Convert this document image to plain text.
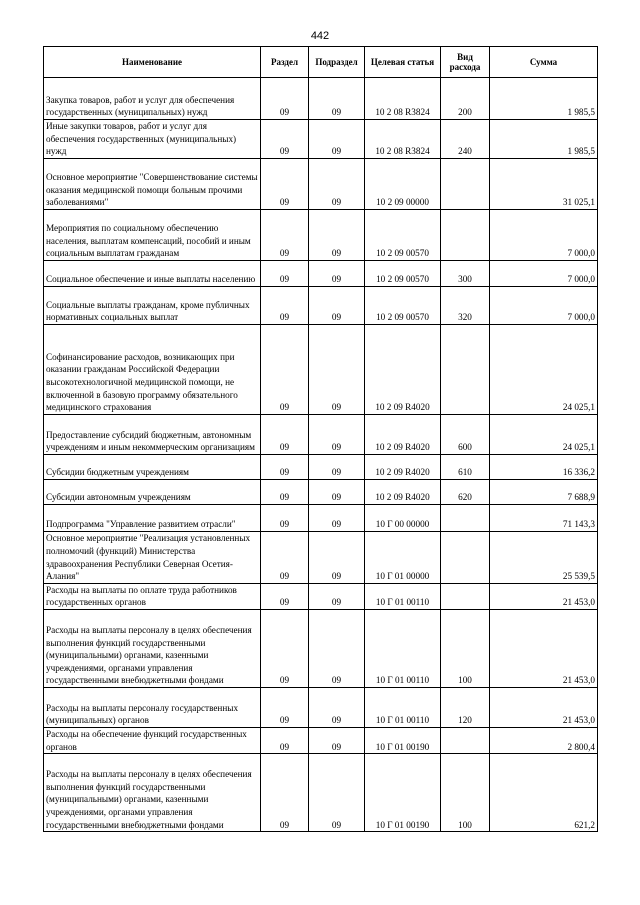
442
Наименование	Раздел	Подраздел	Целевая статья	Вид расхода	Сумма
Закупка товаров, работ и услуг для обеспечения государственных (муниципальных) нужд	09	09	10 2 08 R3824	200	1 985,5
Иные закупки товаров, работ и услуг для обеспечения государственных (муниципальных) нужд	09	09	10 2 08 R3824	240	1 985,5
Основное мероприятие "Совершенствование системы оказания медицинской помощи больным прочими заболеваниями"	09	09	10 2 09 00000		31 025,1
Мероприятия по социальному обеспечению населения, выплатам компенсаций, пособий и иным социальным выплатам гражданам	09	09	10 2 09 00570		7 000,0
Социальное обеспечение и иные выплаты населению	09	09	10 2 09 00570	300	7 000,0
Социальные выплаты гражданам, кроме публичных нормативных социальных выплат	09	09	10 2 09 00570	320	7 000,0
Софинансирование расходов, возникающих при оказании гражданам Российской Федерации высокотехнологичной медицинской помощи, не включенной в базовую программу обязательного медицинского страхования	09	09	10 2 09 R4020		24 025,1
Предоставление субсидий бюджетным, автономным учреждениям и иным некоммерческим организациям	09	09	10 2 09 R4020	600	24 025,1
Субсидии бюджетным учреждениям	09	09	10 2 09 R4020	610	16 336,2
Субсидии автономным учреждениям	09	09	10 2 09 R4020	620	7 688,9
Подпрограмма "Управление развитием отрасли"	09	09	10 Г 00 00000		71 143,3
Основное мероприятие "Реализация установленных полномочий (функций) Министерства здравоохранения Республики Северная Осетия-Алания"	09	09	10 Г 01 00000		25 539,5
Расходы на выплаты по оплате труда работников государственных органов	09	09	10 Г 01 00110		21 453,0
Расходы на выплаты персоналу в целях обеспечения выполнения функций государственными (муниципальными) органами, казенными учреждениями, органами управления государственными внебюджетными фондами	09	09	10 Г 01 00110	100	21 453,0
Расходы на выплаты персоналу государственных (муниципальных) органов	09	09	10 Г 01 00110	120	21 453,0
Расходы на обеспечение функций государственных органов	09	09	10 Г 01 00190		2 800,4
Расходы на выплаты персоналу в целях обеспечения выполнения функций государственными (муниципальными) органами, казенными учреждениями, органами управления государственными внебюджетными фондами	09	09	10 Г 01 00190	100	621,2
